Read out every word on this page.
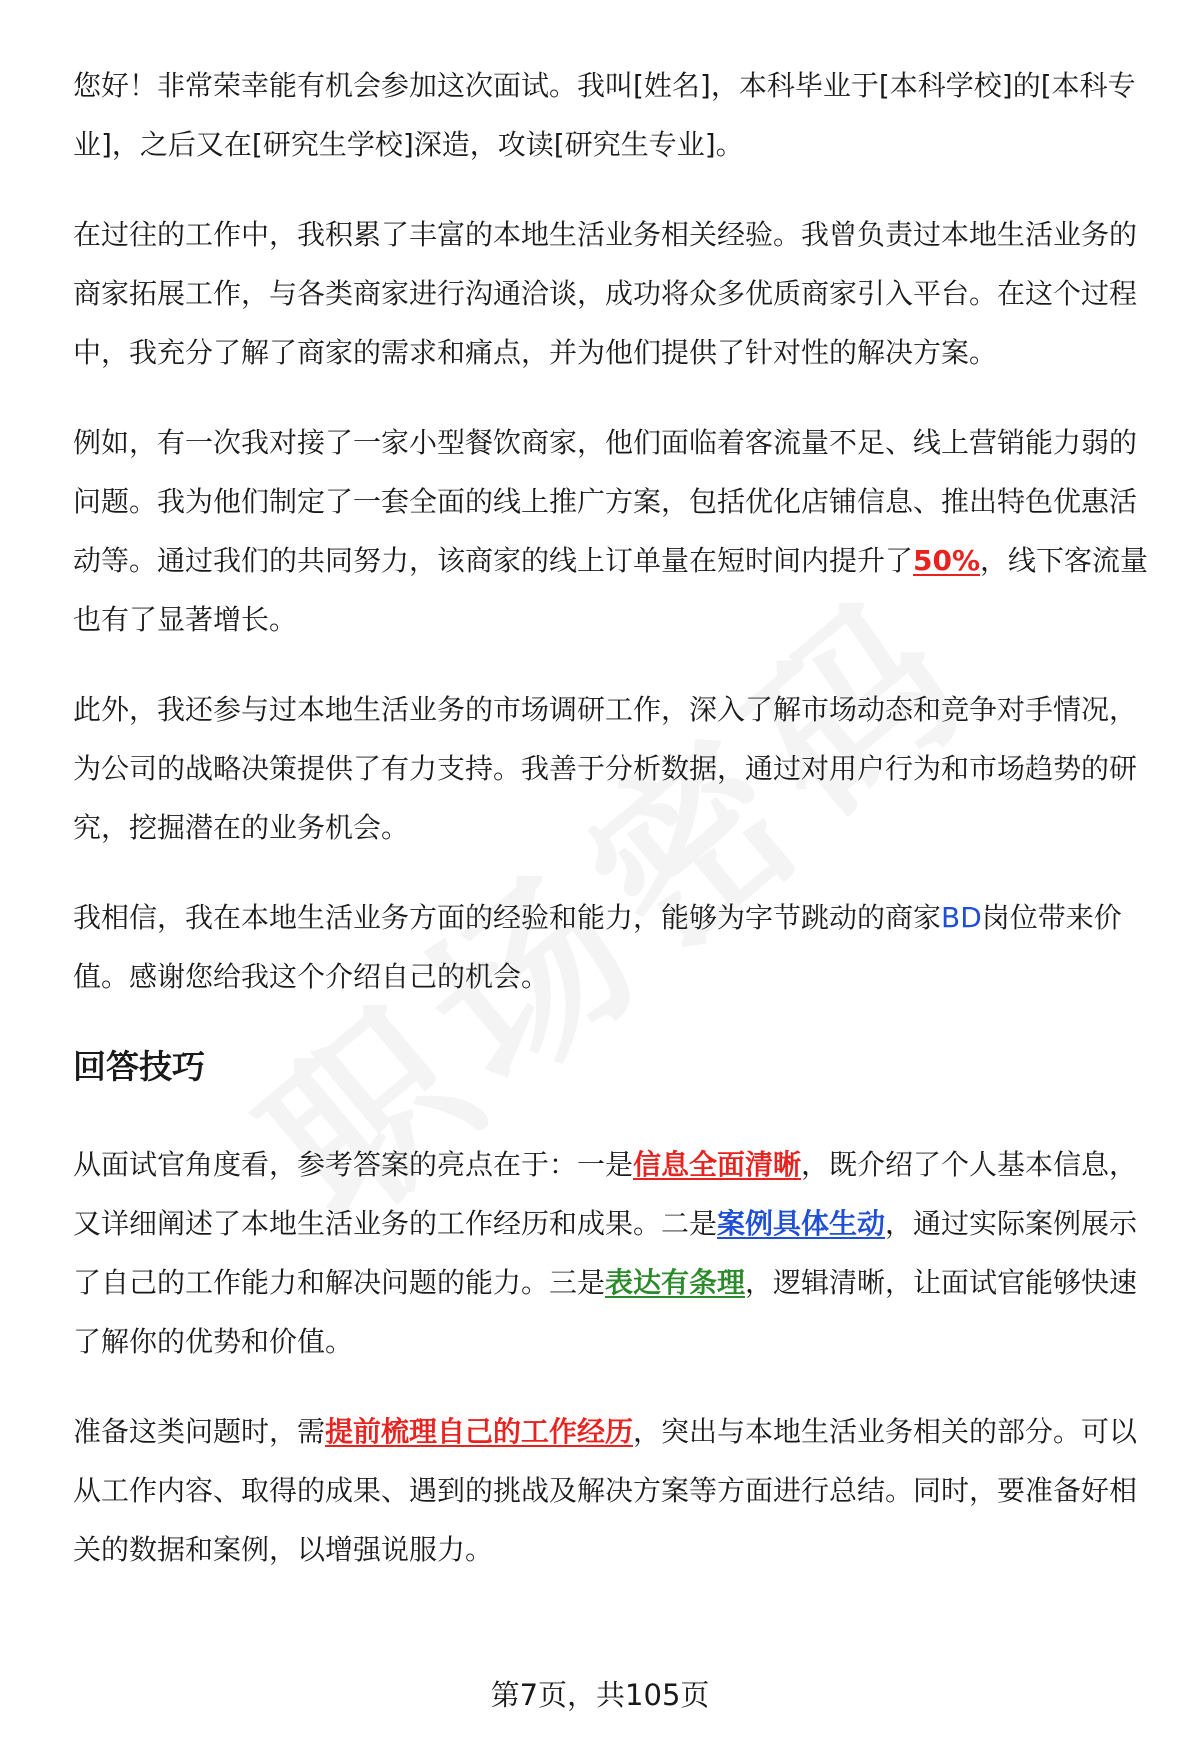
您好！非常荣幸能有机会参加这次面试。我叫[姓名]，本科毕业于[本科学校]的[本科专业]，之后又在[研究生学校]深造，攻读[研究生专业]。

在过往的工作中，我积累了丰富的本地生活业务相关经验。我曾负责过本地生活业务的商家拓展工作，与各类商家进行沟通洽谈，成功将众多优质商家引入平台。在这个过程中，我充分了解了商家的需求和痛点，并为他们提供了针对性的解决方案。

例如，有一次我对接了一家小型餐饮商家，他们面临着客流量不足、线上营销能力弱的问题。我为他们制定了一套全面的线上推广方案，包括优化店铺信息、推出特色优惠活动等。通过我们的共同努力，该商家的线上订单量在短时间内提升了50%，线下客流量也有了显著增长。

此外，我还参与过本地生活业务的市场调研工作，深入了解市场动态和竞争对手情况，为公司的战略决策提供了有力支持。我善于分析数据，通过对用户行为和市场趋势的研究，挖掘潜在的业务机会。

我相信，我在本地生活业务方面的经验和能力，能够为字节跳动的商家BD岗位带来价值。感谢您给我这个介绍自己的机会。

回答技巧

从面试官角度看，参考答案的亮点在于：一是信息全面清晰，既介绍了个人基本信息，又详细阐述了本地生活业务的工作经历和成果。二是案例具体生动，通过实际案例展示了自己的工作能力和解决问题的能力。三是表达有条理，逻辑清晰，让面试官能够快速了解你的优势和价值。

准备这类问题时，需提前梳理自己的工作经历，突出与本地生活业务相关的部分。可以从工作内容、取得的成果、遇到的挑战及解决方案等方面进行总结。同时，要准备好相关的数据和案例，以增强说服力。

第7页，共105页
